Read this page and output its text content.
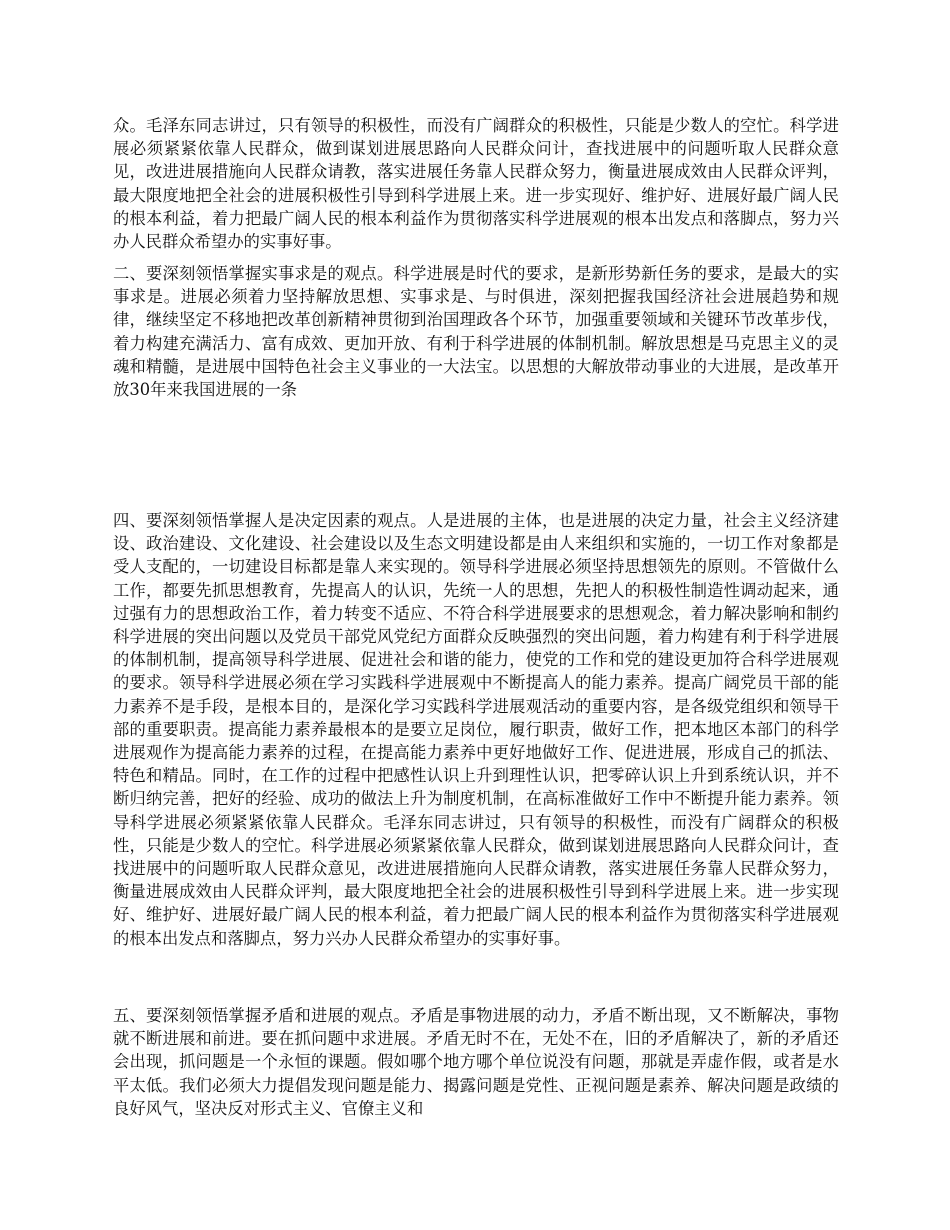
众。毛泽东同志讲过，只有领导的积极性，而没有广阔群众的积极性，只能是少数人的空忙。科学进展必须紧紧依靠人民群众，做到谋划进展思路向人民群众问计，查找进展中的问题听取人民群众意见，改进进展措施向人民群众请教，落实进展任务靠人民群众努力，衡量进展成效由人民群众评判，最大限度地把全社会的进展积极性引导到科学进展上来。进一步实现好、维护好、进展好最广阔人民的根本利益，着力把最广阔人民的根本利益作为贯彻落实科学进展观的根本出发点和落脚点，努力兴办人民群众希望办的实事好事。

二、要深刻领悟掌握实事求是的观点。科学进展是时代的要求，是新形势新任务的要求，是最大的实事求是。进展必须着力坚持解放思想、实事求是、与时俱进，深刻把握我国经济社会进展趋势和规律，继续坚定不移地把改革创新精神贯彻到治国理政各个环节，加强重要领域和关键环节改革步伐，着力构建充满活力、富有成效、更加开放、有利于科学进展的体制机制。解放思想是马克思主义的灵魂和精髓，是进展中国特色社会主义事业的一大法宝。以思想的大解放带动事业的大进展，是改革开放30年来我国进展的一条

四、要深刻领悟掌握人是决定因素的观点。人是进展的主体，也是进展的决定力量，社会主义经济建设、政治建设、文化建设、社会建设以及生态文明建设都是由人来组织和实施的，一切工作对象都是受人支配的，一切建设目标都是靠人来实现的。领导科学进展必须坚持思想领先的原则。不管做什么工作，都要先抓思想教育，先提高人的认识，先统一人的思想，先把人的积极性制造性调动起来，通过强有力的思想政治工作，着力转变不适应、不符合科学进展要求的思想观念，着力解决影响和制约科学进展的突出问题以及党员干部党风党纪方面群众反映强烈的突出问题，着力构建有利于科学进展的体制机制，提高领导科学进展、促进社会和谐的能力，使党的工作和党的建设更加符合科学进展观的要求。领导科学进展必须在学习实践科学进展观中不断提高人的能力素养。提高广阔党员干部的能力素养不是手段，是根本目的，是深化学习实践科学进展观活动的重要内容，是各级党组织和领导干部的重要职责。提高能力素养最根本的是要立足岗位，履行职责，做好工作，把本地区本部门的科学进展观作为提高能力素养的过程，在提高能力素养中更好地做好工作、促进进展，形成自己的抓法、特色和精品。同时，在工作的过程中把感性认识上升到理性认识，把零碎认识上升到系统认识，并不断归纳完善，把好的经验、成功的做法上升为制度机制，在高标准做好工作中不断提升能力素养。领导科学进展必须紧紧依靠人民群众。毛泽东同志讲过，只有领导的积极性，而没有广阔群众的积极性，只能是少数人的空忙。科学进展必须紧紧依靠人民群众，做到谋划进展思路向人民群众问计，查找进展中的问题听取人民群众意见，改进进展措施向人民群众请教，落实进展任务靠人民群众努力，衡量进展成效由人民群众评判，最大限度地把全社会的进展积极性引导到科学进展上来。进一步实现好、维护好、进展好最广阔人民的根本利益，着力把最广阔人民的根本利益作为贯彻落实科学进展观的根本出发点和落脚点，努力兴办人民群众希望办的实事好事。

五、要深刻领悟掌握矛盾和进展的观点。矛盾是事物进展的动力，矛盾不断出现，又不断解决，事物就不断进展和前进。要在抓问题中求进展。矛盾无时不在，无处不在，旧的矛盾解决了，新的矛盾还会出现，抓问题是一个永恒的课题。假如哪个地方哪个单位说没有问题，那就是弄虚作假，或者是水平太低。我们必须大力提倡发现问题是能力、揭露问题是党性、正视问题是素养、解决问题是政绩的良好风气，坚决反对形式主义、官僚主义和
